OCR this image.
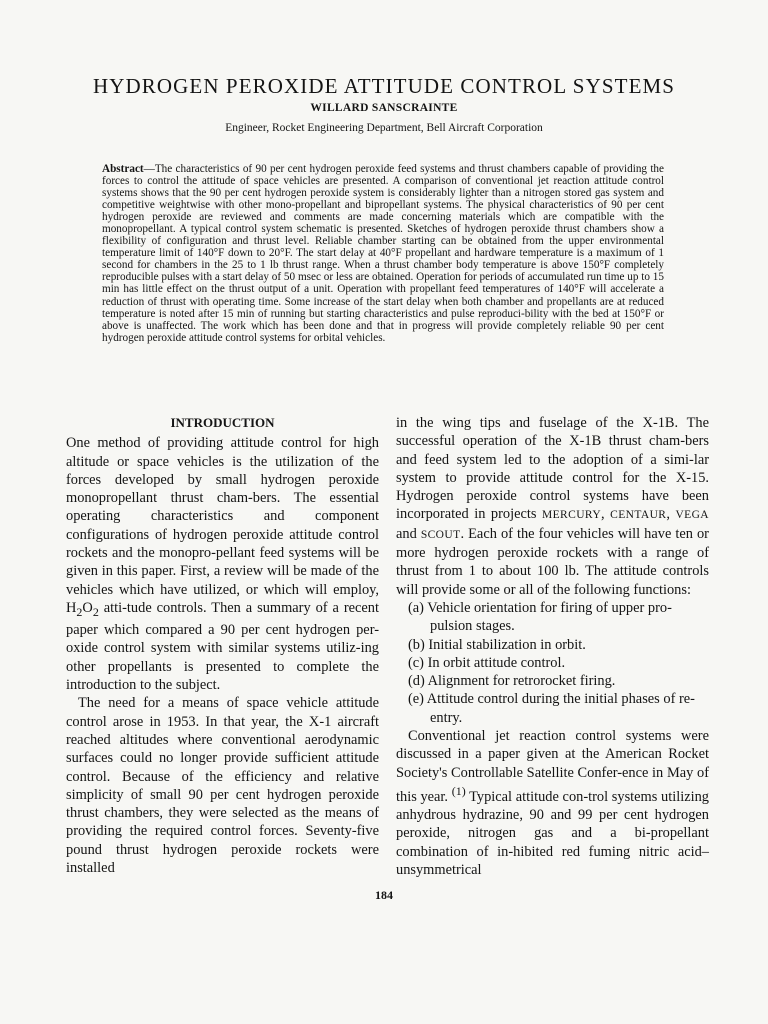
HYDROGEN PEROXIDE ATTITUDE CONTROL SYSTEMS
WILLARD SANSCRAINTE
Engineer, Rocket Engineering Department, Bell Aircraft Corporation
Abstract—The characteristics of 90 per cent hydrogen peroxide feed systems and thrust chambers capable of providing the forces to control the attitude of space vehicles are presented. A comparison of conventional jet reaction attitude control systems shows that the 90 per cent hydrogen peroxide system is considerably lighter than a nitrogen stored gas system and competitive weightwise with other mono-propellant and bipropellant systems. The physical characteristics of 90 per cent hydrogen peroxide are reviewed and comments are made concerning materials which are compatible with the monopropellant. A typical control system schematic is presented. Sketches of hydrogen peroxide thrust chambers show a flexibility of configuration and thrust level. Reliable chamber starting can be obtained from the upper environmental temperature limit of 140°F down to 20°F. The start delay at 40°F propellant and hardware temperature is a maximum of 1 second for chambers in the 25 to 1 lb thrust range. When a thrust chamber body temperature is above 150°F completely reproducible pulses with a start delay of 50 msec or less are obtained. Operation for periods of accumulated run time up to 15 min has little effect on the thrust output of a unit. Operation with propellant feed temperatures of 140°F will accelerate a reduction of thrust with operating time. Some increase of the start delay when both chamber and propellants are at reduced temperature is noted after 15 min of running but starting characteristics and pulse reproduci-bility with the bed at 150°F or above is unaffected. The work which has been done and that in progress will provide completely reliable 90 per cent hydrogen peroxide attitude control systems for orbital vehicles.
INTRODUCTION

One method of providing attitude control for high altitude or space vehicles is the utilization of the forces developed by small hydrogen peroxide monopropellant thrust cham-bers. The essential operating characteristics and component configurations of hydrogen peroxide attitude control rockets and the monopro-pellant feed systems will be given in this paper. First, a review will be made of the vehicles which have utilized, or which will employ, $H_2O_2$ atti-tude controls. Then a summary of a recent paper which compared a 90 per cent hydrogen per-oxide control system with similar systems utiliz-ing other propellants is presented to complete the introduction to the subject.

The need for a means of space vehicle attitude control arose in 1953. In that year, the X-1 aircraft reached altitudes where conventional aerodynamic surfaces could no longer provide sufficient attitude control. Because of the efficiency and relative simplicity of small 90 per cent hydrogen peroxide thrust chambers, they were selected as the means of providing the required control forces. Seventy-five pound thrust hydrogen peroxide rockets were installed

in the wing tips and fuselage of the X-1B. The successful operation of the X-1B thrust cham-bers and feed system led to the adoption of a simi-lar system to provide attitude control for the X-15. Hydrogen peroxide control systems have been incorporated in projects MERCURY, CENTAUR, VEGA and SCOUT. Each of the four vehicles will have ten or more hydrogen peroxide rockets with a range of thrust from 1 to about 100 lb. The attitude controls will provide some or all of the following functions:

(a) Vehicle orientation for firing of upper pro-pulsion stages.
(b) Initial stabilization in orbit.
(c) In orbit attitude control.
(d) Alignment for retrorocket firing.
(e) Attitude control during the initial phases of re-entry.

Conventional jet reaction control systems were discussed in a paper given at the American Rocket Society's Controllable Satellite Confer-ence in May of this year. $^{(1)}$ Typical attitude con-trol systems utilizing anhydrous hydrazine, 90 and 99 per cent hydrogen peroxide, nitrogen gas and a bi-propellant combination of in-hibited red fuming nitric acid–unsymmetrical

184
